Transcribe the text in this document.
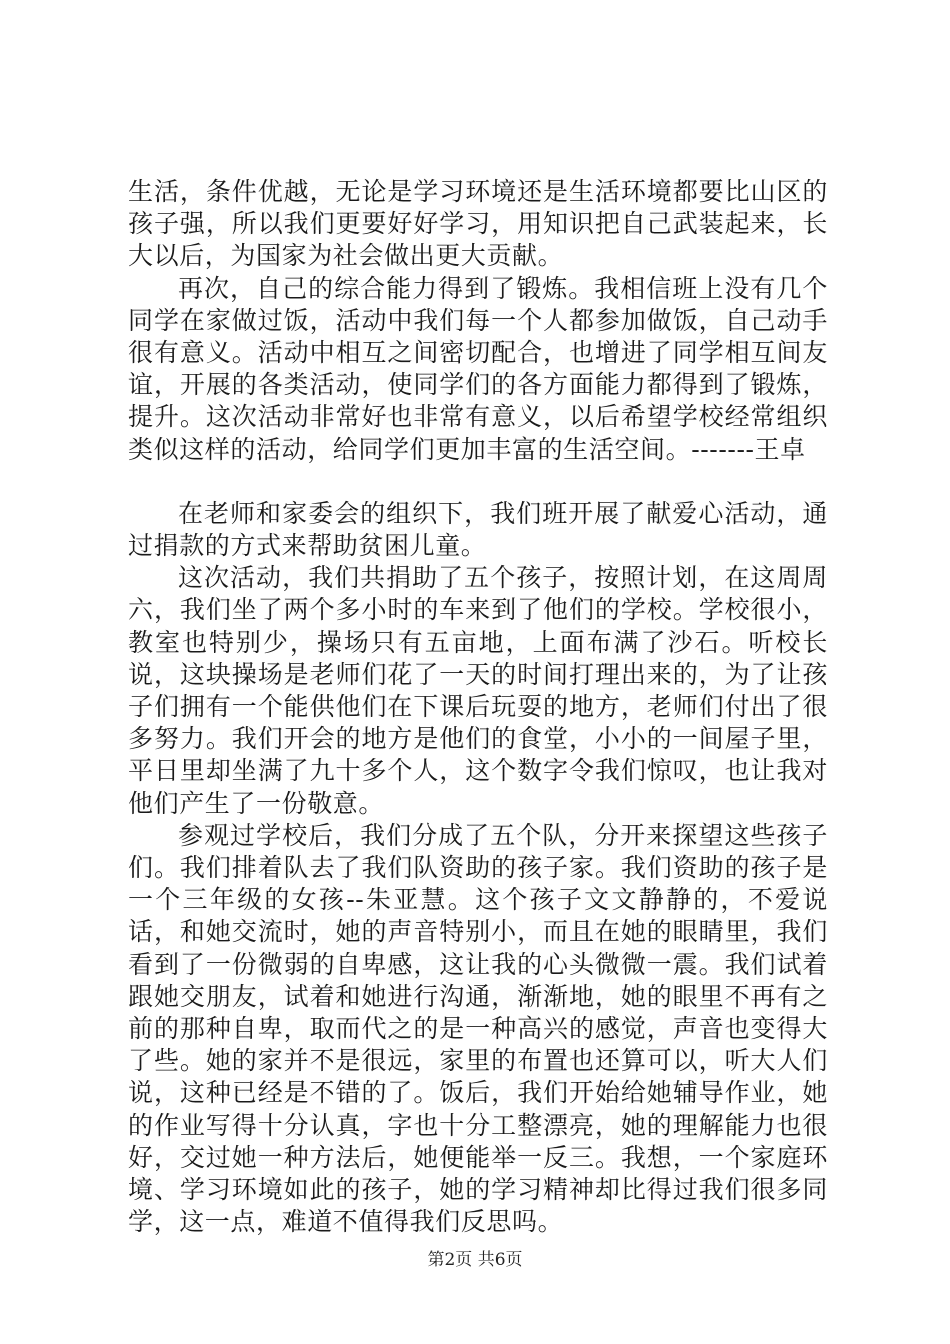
生活，条件优越，无论是学习环境还是生活环境都要比山区的孩子强，所以我们更要好好学习，用知识把自己武装起来，长大以后，为国家为社会做出更大贡献。

再次，自己的综合能力得到了锻炼。我相信班上没有几个同学在家做过饭，活动中我们每一个人都参加做饭，自己动手很有意义。活动中相互之间密切配合，也增进了同学相互间友谊，开展的各类活动，使同学们的各方面能力都得到了锻炼，提升。这次活动非常好也非常有意义，以后希望学校经常组织类似这样的活动，给同学们更加丰富的生活空间。-------王卓

在老师和家委会的组织下，我们班开展了献爱心活动，通过捐款的方式来帮助贫困儿童。

这次活动，我们共捐助了五个孩子，按照计划，在这周周六，我们坐了两个多小时的车来到了他们的学校。学校很小，教室也特别少，操场只有五亩地，上面布满了沙石。听校长说，这块操场是老师们花了一天的时间打理出来的，为了让孩子们拥有一个能供他们在下课后玩耍的地方，老师们付出了很多努力。我们开会的地方是他们的食堂，小小的一间屋子里，平日里却坐满了九十多个人，这个数字令我们惊叹，也让我对他们产生了一份敬意。

参观过学校后，我们分成了五个队，分开来探望这些孩子们。我们排着队去了我们队资助的孩子家。我们资助的孩子是一个三年级的女孩--朱亚慧。这个孩子文文静静的，不爱说话，和她交流时，她的声音特别小，而且在她的眼睛里，我们看到了一份微弱的自卑感，这让我的心头微微一震。我们试着跟她交朋友，试着和她进行沟通，渐渐地，她的眼里不再有之前的那种自卑，取而代之的是一种高兴的感觉，声音也变得大了些。她的家并不是很远，家里的布置也还算可以，听大人们说，这种已经是不错的了。饭后，我们开始给她辅导作业，她的作业写得十分认真，字也十分工整漂亮，她的理解能力也很好，交过她一种方法后，她便能举一反三。我想，一个家庭环境、学习环境如此的孩子，她的学习精神却比得过我们很多同学，这一点，难道不值得我们反思吗。

第2页 共6页
